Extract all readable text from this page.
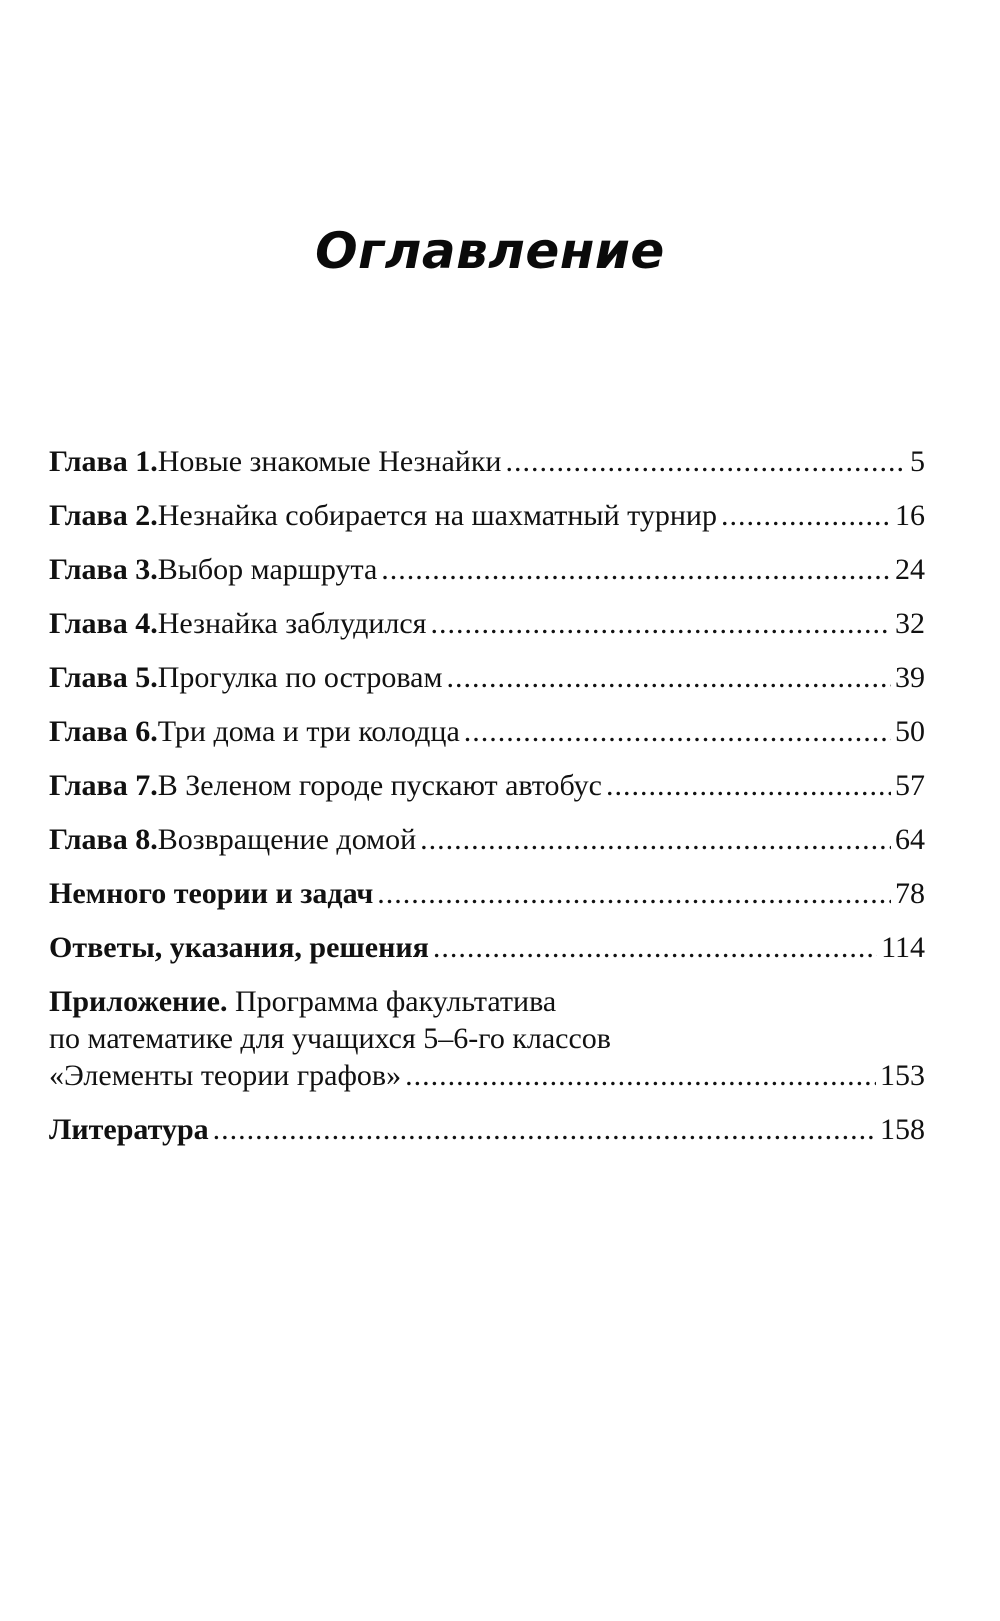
Оглавление
Глава 1. Новые знакомые Незнайки .....	5
Глава 2. Незнайка собирается на шахматный турнир .....	16
Глава 3. Выбор маршрута .....	24
Глава 4. Незнайка заблудился .....	32
Глава 5. Прогулка по островам .....	39
Глава 6. Три дома и три колодца .....	50
Глава 7. В Зеленом городе пускают автобус .....	57
Глава 8. Возвращение домой .....	64
Немного теории и задач .....	78
Ответы, указания, решения .....	114
Приложение. Программа факультатива
по математике для учащихся 5–6-го классов
«Элементы теории графов» .....	153
Литература .....	158
